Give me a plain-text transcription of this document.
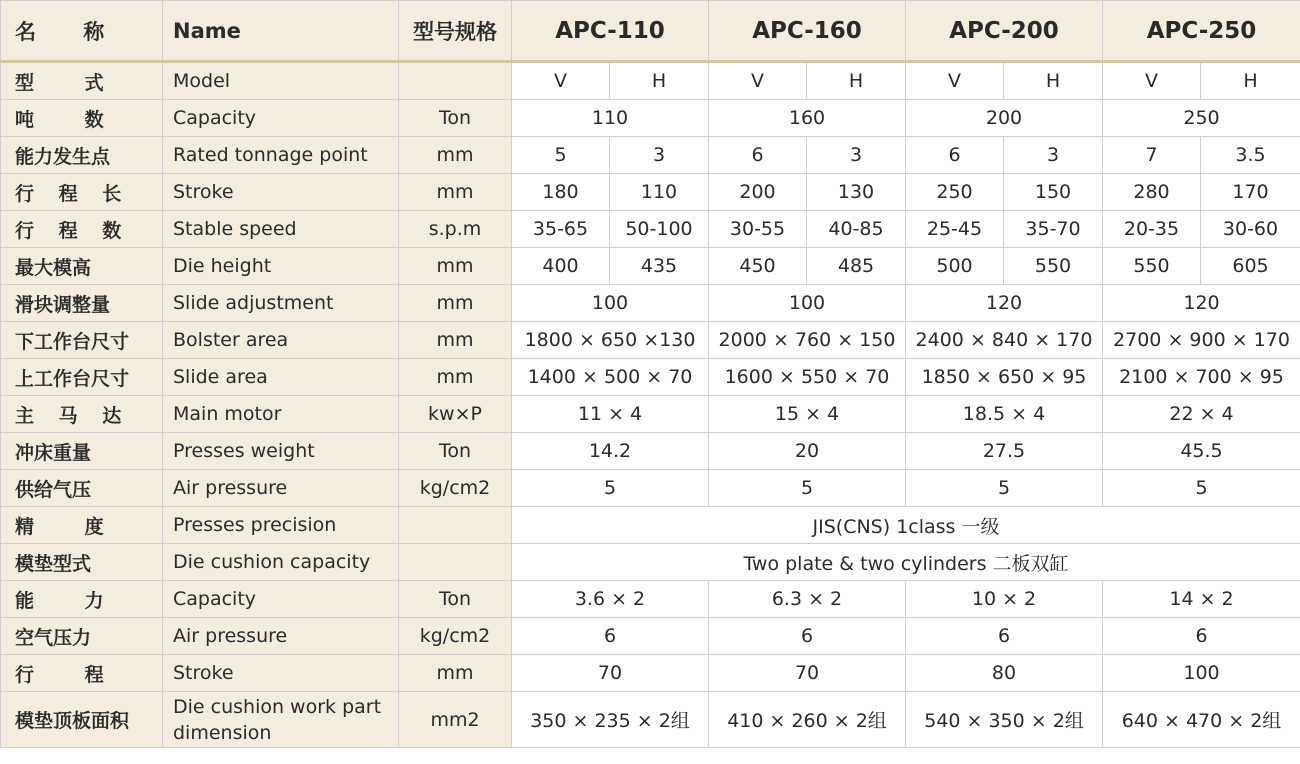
名 称	Name	型号规格	APC-110		APC-160		APC-200		APC-250	
型 式	Model		V	H	V	H	V	H	V	H
吨 数	Capacity	Ton	110		160		200		250	
能力发生点	Rated tonnage point	mm	5	3	6	3	6	3	7	3.5
行 程 长	Stroke	mm	180	110	200	130	250	150	280	170
行 程 数	Stable speed	s.p.m	35-65	50-100	30-55	40-85	25-45	35-70	20-35	30-60
最大模高	Die height	mm	400	435	450	485	500	550	550	605
滑块调整量	Slide adjustment	mm	100		100		120		120	
下工作台尺寸	Bolster area	mm	1800 × 650 ×130		2000 × 760 × 150		2400 × 840 × 170		2700 × 900 × 170	
上工作台尺寸	Slide area	mm	1400 × 500 × 70		1600 × 550 × 70		1850 × 650 × 95		2100 × 700 × 95	
主 马 达	Main motor	kw×P	11 × 4		15 × 4		18.5 × 4		22 × 4	
冲床重量	Presses weight	Ton	14.2		20		27.5		45.5	
供给气压	Air pressure	kg/cm2	5		5		5		5	
精 度	Presses precision		JIS(CNS) 1class 一级							
模垫型式	Die cushion capacity		Two plate & two cylinders 二板双缸							
能 力	Capacity	Ton	3.6 × 2		6.3 × 2		10 × 2		14 × 2	
空气压力	Air pressure	kg/cm2	6		6		6		6	
行 程	Stroke	mm	70		70		80		100	
模垫顶板面积	Die cushion work part dimension	mm2	350 × 235 × 2组		410 × 260 × 2组		540 × 350 × 2组		640 × 470 × 2组	
